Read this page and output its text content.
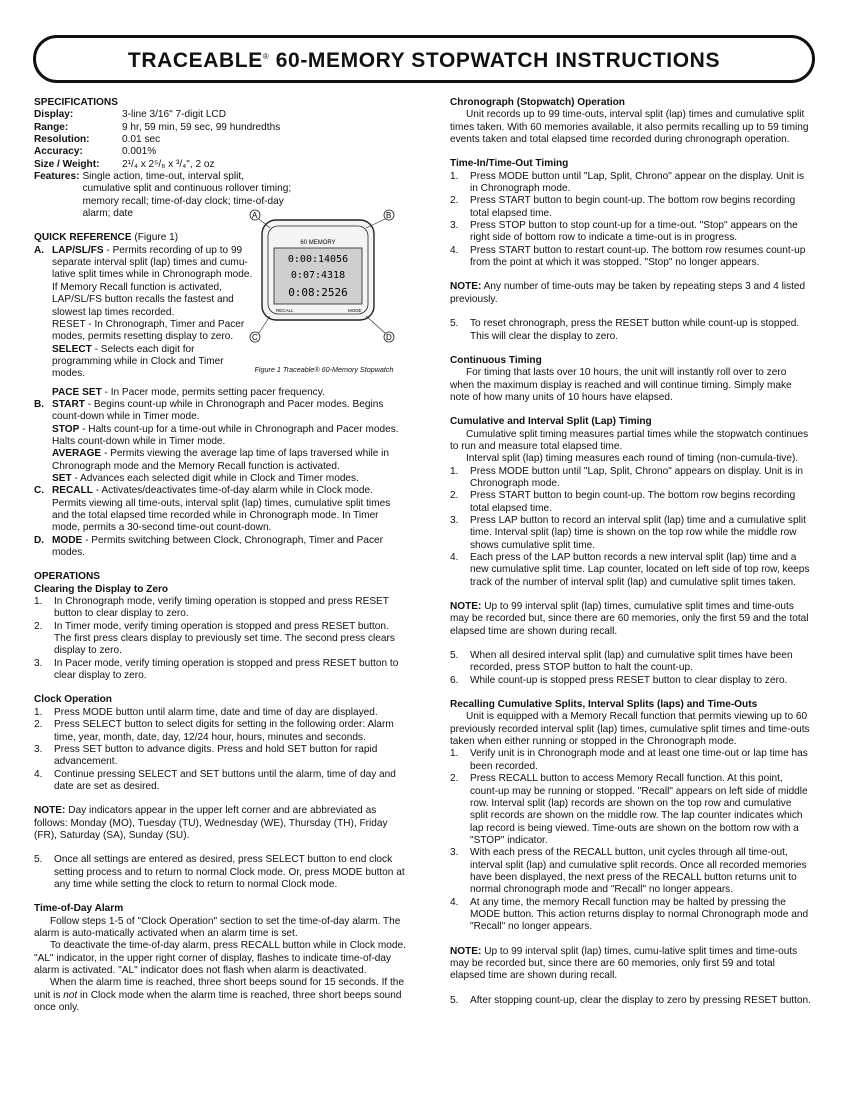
TRACEABLE® 60-MEMORY STOPWATCH INSTRUCTIONS

SPECIFICATIONS

Display:	3-line 3/16" 7-digit LCD
Range:	9 hr, 59 min, 59 sec, 99 hundredths
Resolution:	0.01 sec
Accuracy:	0.001%
Size / Weight:	2¹/₄ x 2⁵/₈ x ³/₄", 2 oz
Features: Single action, time-out, interval split, cumulative split and continuous rollover timing; memory recall; time-of-day clock; time-of-day alarm; date

QUICK REFERENCE (Figure 1)

A	B
60 MEMORY
0:00:14056
0:07:4318
0:08:2526
RECALL	MODE
C	D
Figure 1 Traceable® 60-Memory Stopwatch
A. LAP/SL/FS - Permits recording of up to 99 separate interval split (lap) times and cumu-lative split times while in Chronograph mode. If Memory Recall function is activated, LAP/SL/FS button recalls the fastest and slowest lap times recorded.
RESET - In Chronograph, Timer and Pacer modes, permits resetting display to zero.
SELECT - Selects each digit for programming while in Clock and Timer modes.

PACE SET - In Pacer mode, permits setting pacer frequency.

B. START - Begins count-up while in Chronograph and Pacer modes. Begins count-down while in Timer mode.
STOP - Halts count-up for a time-out while in Chronograph and Pacer modes. Halts count-down while in Timer mode.
AVERAGE - Permits viewing the average lap time of laps traversed while in Chronograph mode and the Memory Recall function is activated.
SET - Advances each selected digit while in Clock and Timer modes.
C. RECALL - Activates/deactivates time-of-day alarm while in Clock mode. Permits viewing all time-outs, interval split (lap) times, cumulative split times and the total elapsed time recorded while in Chronograph mode. In Timer mode, permits a 30-second time-out count-down.
D. MODE - Permits switching between Clock, Chronograph, Timer and Pacer modes.

OPERATIONS

Clearing the Display to Zero

1.	In Chronograph mode, verify timing operation is stopped and press RESET button to clear display to zero.
2.	In Timer mode, verify timing operation is stopped and press RESET button. The first press clears display to previously set time. The second press clears display to zero.
3.	In Pacer mode, verify timing operation is stopped and press RESET button to clear display to zero.

Clock Operation

1.	Press MODE button until alarm time, date and time of day are displayed.
2.	Press SELECT button to select digits for setting in the following order: Alarm time, year, month, date, day, 12/24 hour, hours, minutes and seconds.
3.	Press SET button to advance digits. Press and hold SET button for rapid advancement.
4.	Continue pressing SELECT and SET buttons until the alarm, time of day and date are set as desired.

NOTE: Day indicators appear in the upper left corner and are abbreviated as follows: Monday (MO), Tuesday (TU), Wednesday (WE), Thursday (TH), Friday (FR), Saturday (SA), Sunday (SU).

5.	Once all settings are entered as desired, press SELECT button to end clock setting process and to return to normal Clock mode. Or, press MODE button at any time while setting the clock to return to normal Clock mode.

Time-of-Day Alarm

Follow steps 1-5 of "Clock Operation" section to set the time-of-day alarm. The alarm is auto-matically activated when an alarm time is set.

To deactivate the time-of-day alarm, press RECALL button while in Clock mode. "AL" indicator, in the upper right corner of display, flashes to indicate time-of-day alarm is activated. "AL" indicator does not flash when alarm is deactivated.

When the alarm time is reached, three short beeps sound for 15 seconds. If the unit is not in Clock mode when the alarm time is reached, three short beeps sound once only.

Chronograph (Stopwatch) Operation

Unit records up to 99 time-outs, interval split (lap) times and cumulative split times taken. With 60 memories available, it also permits recalling up to 59 timing events taken and total elapsed time recorded during chronograph operation.

Time-In/Time-Out Timing

1.	Press MODE button until "Lap, Split, Chrono" appear on the display. Unit is in Chronograph mode.
2.	Press START button to begin count-up. The bottom row begins recording total elapsed time.
3.	Press STOP button to stop count-up for a time-out. "Stop" appears on the right side of bottom row to indicate a time-out is in progress.
4.	Press START button to restart count-up. The bottom row resumes count-up from the point at which it was stopped. "Stop" no longer appears.

NOTE: Any number of time-outs may be taken by repeating steps 3 and 4 listed previously.

5.	To reset chronograph, press the RESET button while count-up is stopped. This will clear the display to zero.

Continuous Timing

For timing that lasts over 10 hours, the unit will instantly roll over to zero when the maximum display is reached and will continue timing. Simply make note of how many units of 10 hours have elapsed.

Cumulative and Interval Split (Lap) Timing

Cumulative split timing measures partial times while the stopwatch continues to run and measure total elapsed time.

Interval split (lap) timing measures each round of timing (non-cumula-tive).

1.	Press MODE button until "Lap, Split, Chrono" appears on display. Unit is in Chronograph mode.
2.	Press START button to begin count-up. The bottom row begins recording total elapsed time.
3.	Press LAP button to record an interval split (lap) time and a cumulative split time. Interval split (lap) time is shown on the top row while the middle row shows cumulative split time.
4.	Each press of the LAP button records a new interval split (lap) time and a new cumulative split time. Lap counter, located on left side of top row, keeps track of the number of interval split (lap) and cumulative split times taken.

NOTE: Up to 99 interval split (lap) times, cumulative split times and time-outs may be recorded but, since there are 60 memories, only the first 59 and the total elapsed time are shown during recall.

5.	When all desired interval split (lap) and cumulative split times have been recorded, press STOP button to halt the count-up.
6.	While count-up is stopped press RESET button to clear display to zero.

Recalling Cumulative Splits, Interval Splits (laps) and Time-Outs

Unit is equipped with a Memory Recall function that permits viewing up to 60 previously recorded interval split (lap) times, cumulative split times and time-outs taken when either running or stopped in the Chronograph mode.

1.	Verify unit is in Chronograph mode and at least one time-out or lap time has been recorded.
2.	Press RECALL button to access Memory Recall function. At this point, count-up may be running or stopped. "Recall" appears on left side of middle row. Interval split (lap) records are shown on the top row and cumulative split records are shown on the middle row. The lap counter indicates which lap record is being viewed. Time-outs are shown on the bottom row with a "STOP" indicator.
3.	With each press of the RECALL button, unit cycles through all time-out, interval split (lap) and cumulative split records. Once all recorded memories have been displayed, the next press of the RECALL button returns unit to normal chronograph mode and "Recall" no longer appears.
4.	At any time, the memory Recall function may be halted by pressing the MODE button. This action returns display to normal Chronograph mode and "Recall" no longer appears.

NOTE: Up to 99 interval split (lap) times, cumu-lative split times and time-outs may be recorded but, since there are 60 memories, only first 59 and total elapsed time are shown during recall.

5.	After stopping count-up, clear the display to zero by pressing RESET button.
